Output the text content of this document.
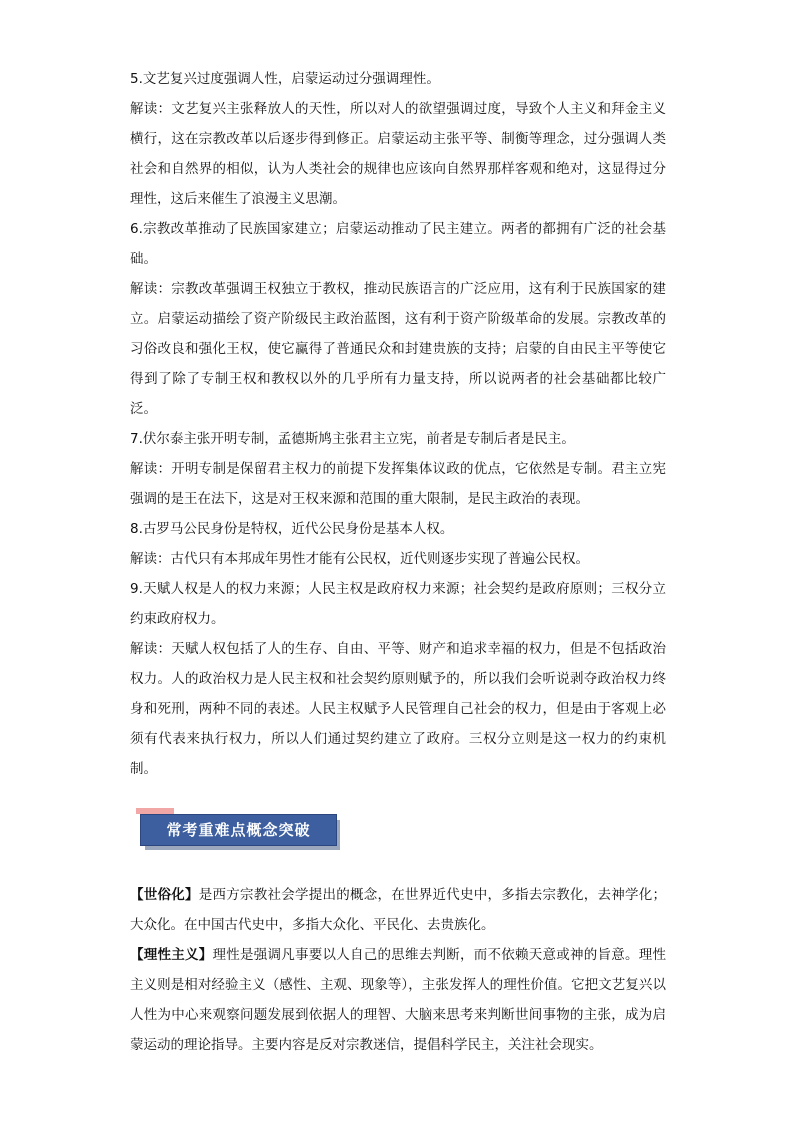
5.文艺复兴过度强调人性，启蒙运动过分强调理性。

解读：文艺复兴主张释放人的天性，所以对人的欲望强调过度，导致个人主义和拜金主义横行，这在宗教改革以后逐步得到修正。启蒙运动主张平等、制衡等理念，过分强调人类社会和自然界的相似，认为人类社会的规律也应该向自然界那样客观和绝对，这显得过分理性，这后来催生了浪漫主义思潮。

6.宗教改革推动了民族国家建立；启蒙运动推动了民主建立。两者的都拥有广泛的社会基础。

解读：宗教改革强调王权独立于教权，推动民族语言的广泛应用，这有利于民族国家的建立。启蒙运动描绘了资产阶级民主政治蓝图，这有利于资产阶级革命的发展。宗教改革的习俗改良和强化王权，使它赢得了普通民众和封建贵族的支持；启蒙的自由民主平等使它得到了除了专制王权和教权以外的几乎所有力量支持，所以说两者的社会基础都比较广泛。

7.伏尔泰主张开明专制，孟德斯鸠主张君主立宪，前者是专制后者是民主。

解读：开明专制是保留君主权力的前提下发挥集体议政的优点，它依然是专制。君主立宪强调的是王在法下，这是对王权来源和范围的重大限制，是民主政治的表现。

8.古罗马公民身份是特权，近代公民身份是基本人权。

解读：古代只有本邦成年男性才能有公民权，近代则逐步实现了普遍公民权。

9.天赋人权是人的权力来源；人民主权是政府权力来源；社会契约是政府原则；三权分立约束政府权力。

解读：天赋人权包括了人的生存、自由、平等、财产和追求幸福的权力，但是不包括政治权力。人的政治权力是人民主权和社会契约原则赋予的，所以我们会听说剥夺政治权力终身和死刑，两种不同的表述。人民主权赋予人民管理自己社会的权力，但是由于客观上必须有代表来执行权力，所以人们通过契约建立了政府。三权分立则是这一权力的约束机制。

常考重难点概念突破

【世俗化】是西方宗教社会学提出的概念，在世界近代史中，多指去宗教化，去神学化；大众化。在中国古代史中，多指大众化、平民化、去贵族化。

【理性主义】理性是强调凡事要以人自己的思维去判断，而不依赖天意或神的旨意。理性主义则是相对经验主义（感性、主观、现象等），主张发挥人的理性价值。它把文艺复兴以人性为中心来观察问题发展到依据人的理智、大脑来思考来判断世间事物的主张，成为启蒙运动的理论指导。主要内容是反对宗教迷信，提倡科学民主，关注社会现实。
